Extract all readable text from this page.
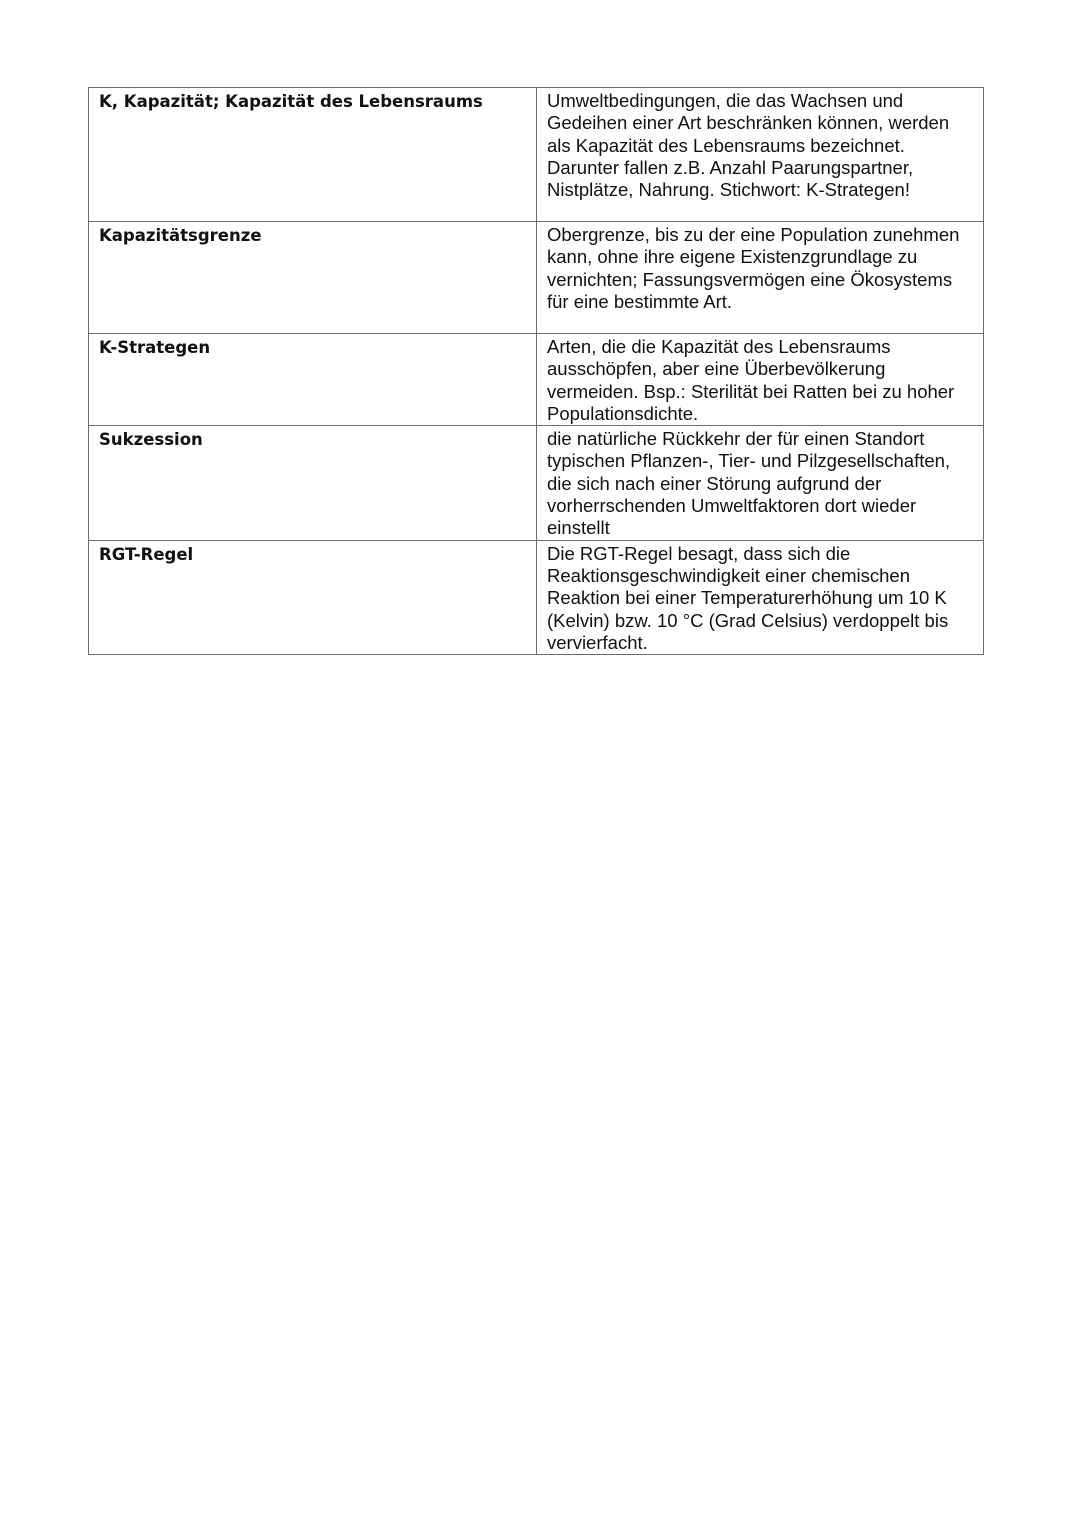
K, Kapazität; Kapazität des Lebensraums	Umweltbedingungen, die das Wachsen und Gedeihen einer Art beschränken können, werden als Kapazität des Lebensraums bezeichnet. Darunter fallen z.B. Anzahl Paarungspartner, Nistplätze, Nahrung. Stichwort: K-Strategen!
Kapazitätsgrenze	Obergrenze, bis zu der eine Population zunehmen kann, ohne ihre eigene Existenzgrundlage zu vernichten; Fassungsvermögen eine Ökosystems für eine bestimmte Art.
K-Strategen	Arten, die die Kapazität des Lebensraums ausschöpfen, aber eine Überbevölkerung vermeiden. Bsp.: Sterilität bei Ratten bei zu hoher Populationsdichte.
Sukzession	die natürliche Rückkehr der für einen Standort typischen Pflanzen-, Tier- und Pilzgesellschaften, die sich nach einer Störung aufgrund der vorherrschenden Umweltfaktoren dort wieder einstellt
RGT-Regel	Die RGT-Regel besagt, dass sich die Reaktionsgeschwindigkeit einer chemischen Reaktion bei einer Temperaturerhöhung um 10 K (Kelvin) bzw. 10 °C (Grad Celsius) verdoppelt bis vervierfacht.
